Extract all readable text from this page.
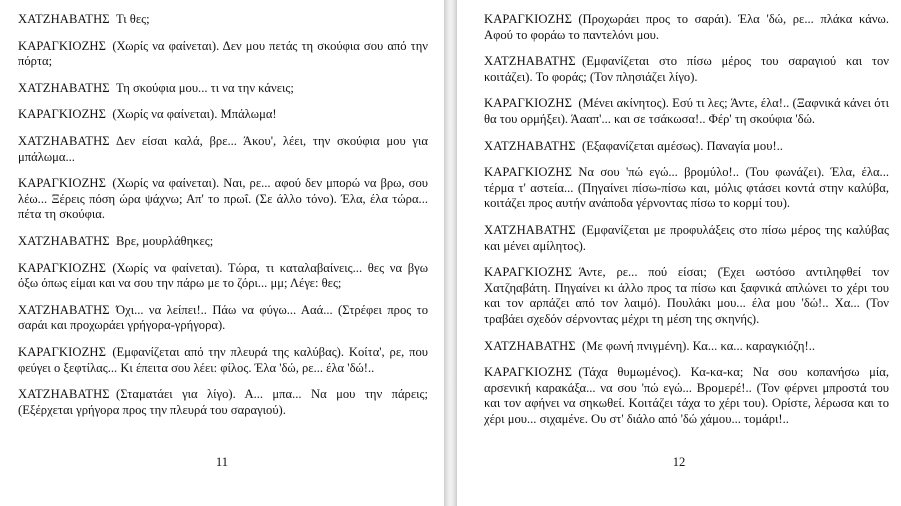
ΧΑΤΖΗΑΒΑΤΗΣ  Τι θες;

ΚΑΡΑΓΚΙΟΖΗΣ  (Χωρίς να φαίνεται). Δεν μου πετάς τη σκούφια σου από την πόρτα;

ΧΑΤΖΗΑΒΑΤΗΣ  Τη σκούφια μου... τι να την κάνεις;

ΚΑΡΑΓΚΙΟΖΗΣ  (Χωρίς να φαίνεται). Μπάλωμα!

ΧΑΤΖΗΑΒΑΤΗΣ  Δεν είσαι καλά, βρε... Άκου', λέει, την σκούφια μου για μπάλωμα...

ΚΑΡΑΓΚΙΟΖΗΣ  (Χωρίς να φαίνεται). Ναι, ρε... αφού δεν μπορώ να βρω, σου λέω... Ξέρεις πόση ώρα ψάχνω; Απ' το πρωΐ. (Σε άλλο τόνο). Έλα, έλα τώρα... πέτα τη σκούφια.

ΧΑΤΖΗΑΒΑΤΗΣ  Βρε, μουρλάθηκες;

ΚΑΡΑΓΚΙΟΖΗΣ  (Χωρίς να φαίνεται). Τώρα, τι καταλαβαίνεις... θες να βγω όξω όπως είμαι και να σου την πάρω με το ζόρι... μμ; Λέγε: θες;

ΧΑΤΖΗΑΒΑΤΗΣ  Όχι... να λείπει!.. Πάω να φύγω... Ααά... (Στρέφει προς το σαράι και προχωράει γρήγορα-γρήγορα).

ΚΑΡΑΓΚΙΟΖΗΣ  (Εμφανίζεται από την πλευρά της καλύβας). Κοίτα', ρε, που φεύγει ο ξεφτίλας... Κι έπειτα σου λέει: φίλος. Έλα 'δώ, ρε... έλα 'δώ!..

ΧΑΤΖΗΑΒΑΤΗΣ  (Σταματάει για λίγο). Α... μπα... Να μου την πάρεις; (Εξέρχεται γρήγορα προς την πλευρά του σαραγιού).

11

ΚΑΡΑΓΚΙΟΖΗΣ  (Προχωράει προς το σαράι). Έλα 'δώ, ρε... πλάκα κάνω. Αφού το φοράω το παντελόνι μου.

ΧΑΤΖΗΑΒΑΤΗΣ  (Εμφανίζεται στο πίσω μέρος του σαραγιού και τον κοιτάζει). Το φοράς; (Τον πλησιάζει λίγο).

ΚΑΡΑΓΚΙΟΖΗΣ  (Μένει ακίνητος). Εσύ τι λες; Άντε, έλα!.. (Ξαφνικά κάνει ότι θα του ορμήξει). Άααπ'... και σε τσάκωσα!.. Φέρ' τη σκούφια 'δώ.

ΧΑΤΖΗΑΒΑΤΗΣ  (Εξαφανίζεται αμέσως). Παναγία μου!..

ΚΑΡΑΓΚΙΟΖΗΣ  Να σου 'πώ εγώ... βρομύλο!.. (Του φωνάζει). Έλα, έλα... τέρμα τ' αστεία... (Πηγαίνει πίσω-πίσω και, μόλις φτάσει κοντά στην καλύβα, κοιτάζει προς αυτήν ανάποδα γέρνοντας πίσω το κορμί του).

ΧΑΤΖΗΑΒΑΤΗΣ  (Εμφανίζεται με προφυλάξεις στο πίσω μέρος της καλύβας και μένει αμίλητος).

ΚΑΡΑΓΚΙΟΖΗΣ  Άντε, ρε... πού είσαι; (Έχει ωστόσο αντιληφθεί τον Χατζηαβάτη. Πηγαίνει κι άλλο προς τα πίσω και ξαφνικά απλώνει το χέρι του και τον αρπάζει από τον λαιμό). Πουλάκι μου... έλα μου 'δώ!.. Χα... (Τον τραβάει σχεδόν σέρνοντας μέχρι τη μέση της σκηνής).

ΧΑΤΖΗΑΒΑΤΗΣ  (Με φωνή πνιγμένη). Κα... κα... καραγκιόζη!..

ΚΑΡΑΓΚΙΟΖΗΣ  (Τάχα θυμωμένος). Κα-κα-κα; Να σου κοπανήσω μία, αρσενική καρακάξα... να σου 'πώ εγώ... Βρομερέ!.. (Τον φέρνει μπροστά του και τον αφήνει να σηκωθεί. Κοιτάζει τάχα το χέρι του). Ορίστε, λέρωσα και το χέρι μου... σιχαμένε. Ου στ' διάλο από 'δώ χάμου... τομάρι!..

12
